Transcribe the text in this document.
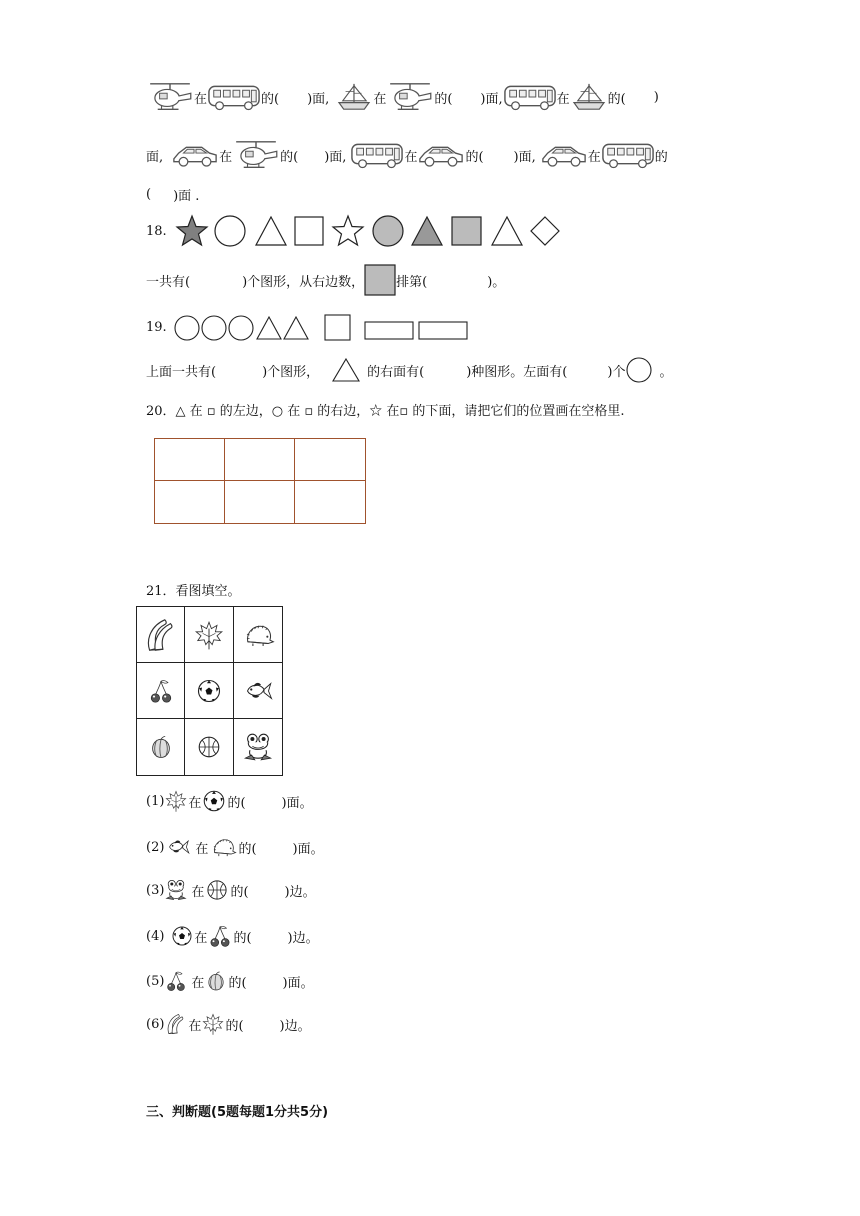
在	的( )面,	在	的( )面,	在	的( )
面,	在	的( )面,	在	的( )面,	在	的
( )面 .
18.
一共有(	)个图形，从右边数， 排第(	)。
19.
上面一共有(	)个图形，	的右面有(	)种图形。左面有(	)个	。
20．△ 在 ▫ 的左边，○ 在 ▫ 的右边，☆ 在▫ 的下面，请把它们的位置画在空格里.
21．看图填空。
(1) 在 的(	)面。
(2) 在 的(	)面。
(3) 在 的(	)边。
(4) 在 的(	)边。
(5) 在 的(	)面。
(6) 在 的(	)边。
三、判断题(5题每题1分共5分)
